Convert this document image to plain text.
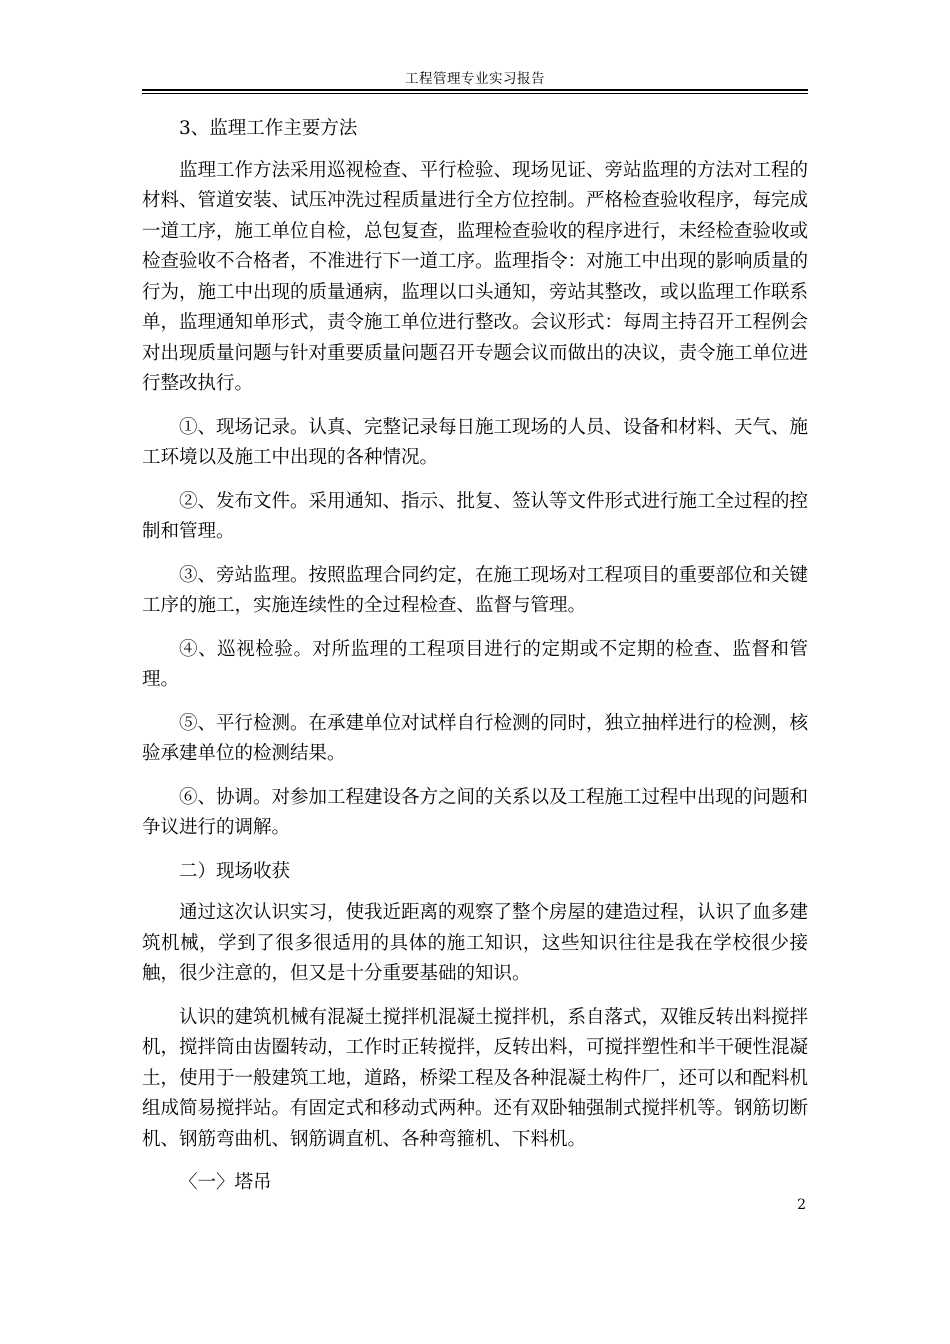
工程管理专业实习报告

3、监理工作主要方法

监理工作方法采用巡视检查、平行检验、现场见证、旁站监理的方法对工程的材料、管道安装、试压冲洗过程质量进行全方位控制。严格检查验收程序，每完成一道工序，施工单位自检，总包复查，监理检查验收的程序进行，未经检查验收或检查验收不合格者，不准进行下一道工序。监理指令：对施工中出现的影响质量的行为，施工中出现的质量通病，监理以口头通知，旁站其整改，或以监理工作联系单，监理通知单形式，责令施工单位进行整改。会议形式：每周主持召开工程例会对出现质量问题与针对重要质量问题召开专题会议而做出的决议，责令施工单位进行整改执行。

①、现场记录。认真、完整记录每日施工现场的人员、设备和材料、天气、施工环境以及施工中出现的各种情况。

②、发布文件。采用通知、指示、批复、签认等文件形式进行施工全过程的控制和管理。

③、旁站监理。按照监理合同约定，在施工现场对工程项目的重要部位和关键工序的施工，实施连续性的全过程检查、监督与管理。

④、巡视检验。对所监理的工程项目进行的定期或不定期的检查、监督和管理。

⑤、平行检测。在承建单位对试样自行检测的同时，独立抽样进行的检测，核验承建单位的检测结果。

⑥、协调。对参加工程建设各方之间的关系以及工程施工过程中出现的问题和争议进行的调解。

二）现场收获

通过这次认识实习，使我近距离的观察了整个房屋的建造过程，认识了血多建筑机械，学到了很多很适用的具体的施工知识，这些知识往往是我在学校很少接触，很少注意的，但又是十分重要基础的知识。

认识的建筑机械有混凝土搅拌机混凝土搅拌机，系自落式，双锥反转出料搅拌机，搅拌筒由齿圈转动，工作时正转搅拌，反转出料，可搅拌塑性和半干硬性混凝土，使用于一般建筑工地，道路，桥梁工程及各种混凝土构件厂，还可以和配料机组成简易搅拌站。有固定式和移动式两种。还有双卧轴强制式搅拌机等。钢筋切断机、钢筋弯曲机、钢筋调直机、各种弯箍机、下料机。

〈一〉塔吊

2
